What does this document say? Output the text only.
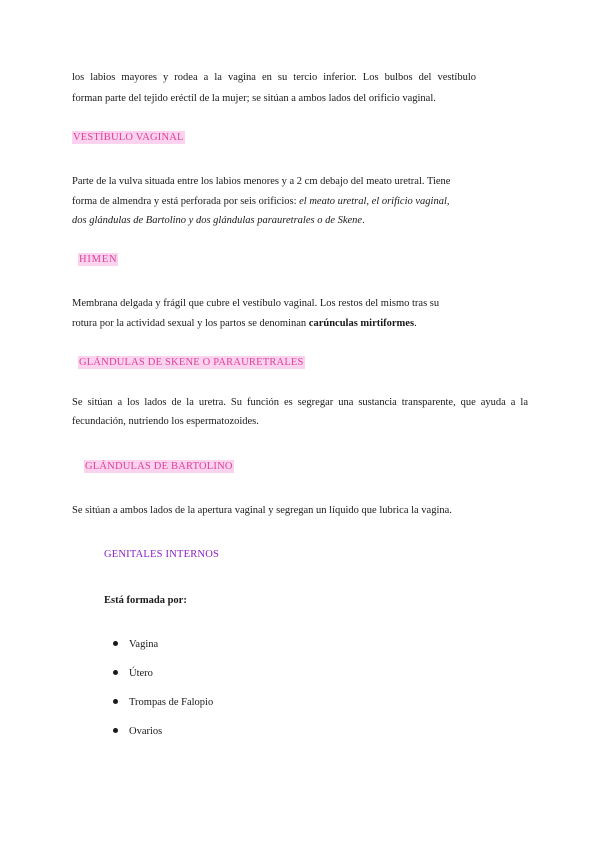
los labios mayores y rodea a la vagina en su tercio inferior. Los bulbos del vestíbulo
forman parte del tejido eréctil de la mujer; se sitúan a ambos lados del orificio vaginal.
VESTÍBULO VAGINAL
Parte de la vulva situada entre los labios menores y a 2 cm debajo del meato uretral. Tiene
forma de almendra y está perforada por seis orificios: el meato uretral, el orificio vaginal,
dos glándulas de Bartolino y dos glándulas parauretrales o de Skene.
HIMEN
Membrana delgada y frágil que cubre el vestíbulo vaginal. Los restos del mismo tras su
rotura por la actividad sexual y los partos se denominan carúnculas mirtiformes.
GLÁNDULAS DE SKENE O PARAURETRALES
Se sitúan a los lados de la uretra. Su función es segregar una sustancia transparente, que ayuda a la
fecundación, nutriendo los espermatozoides.
GLÁNDULAS DE BARTOLINO
Se sitúan a ambos lados de la apertura vaginal y segregan un líquido que lubrica la vagina.
GENITALES INTERNOS
Está formada por:
Vagina
Útero
Trompas de Falopio
Ovarios
